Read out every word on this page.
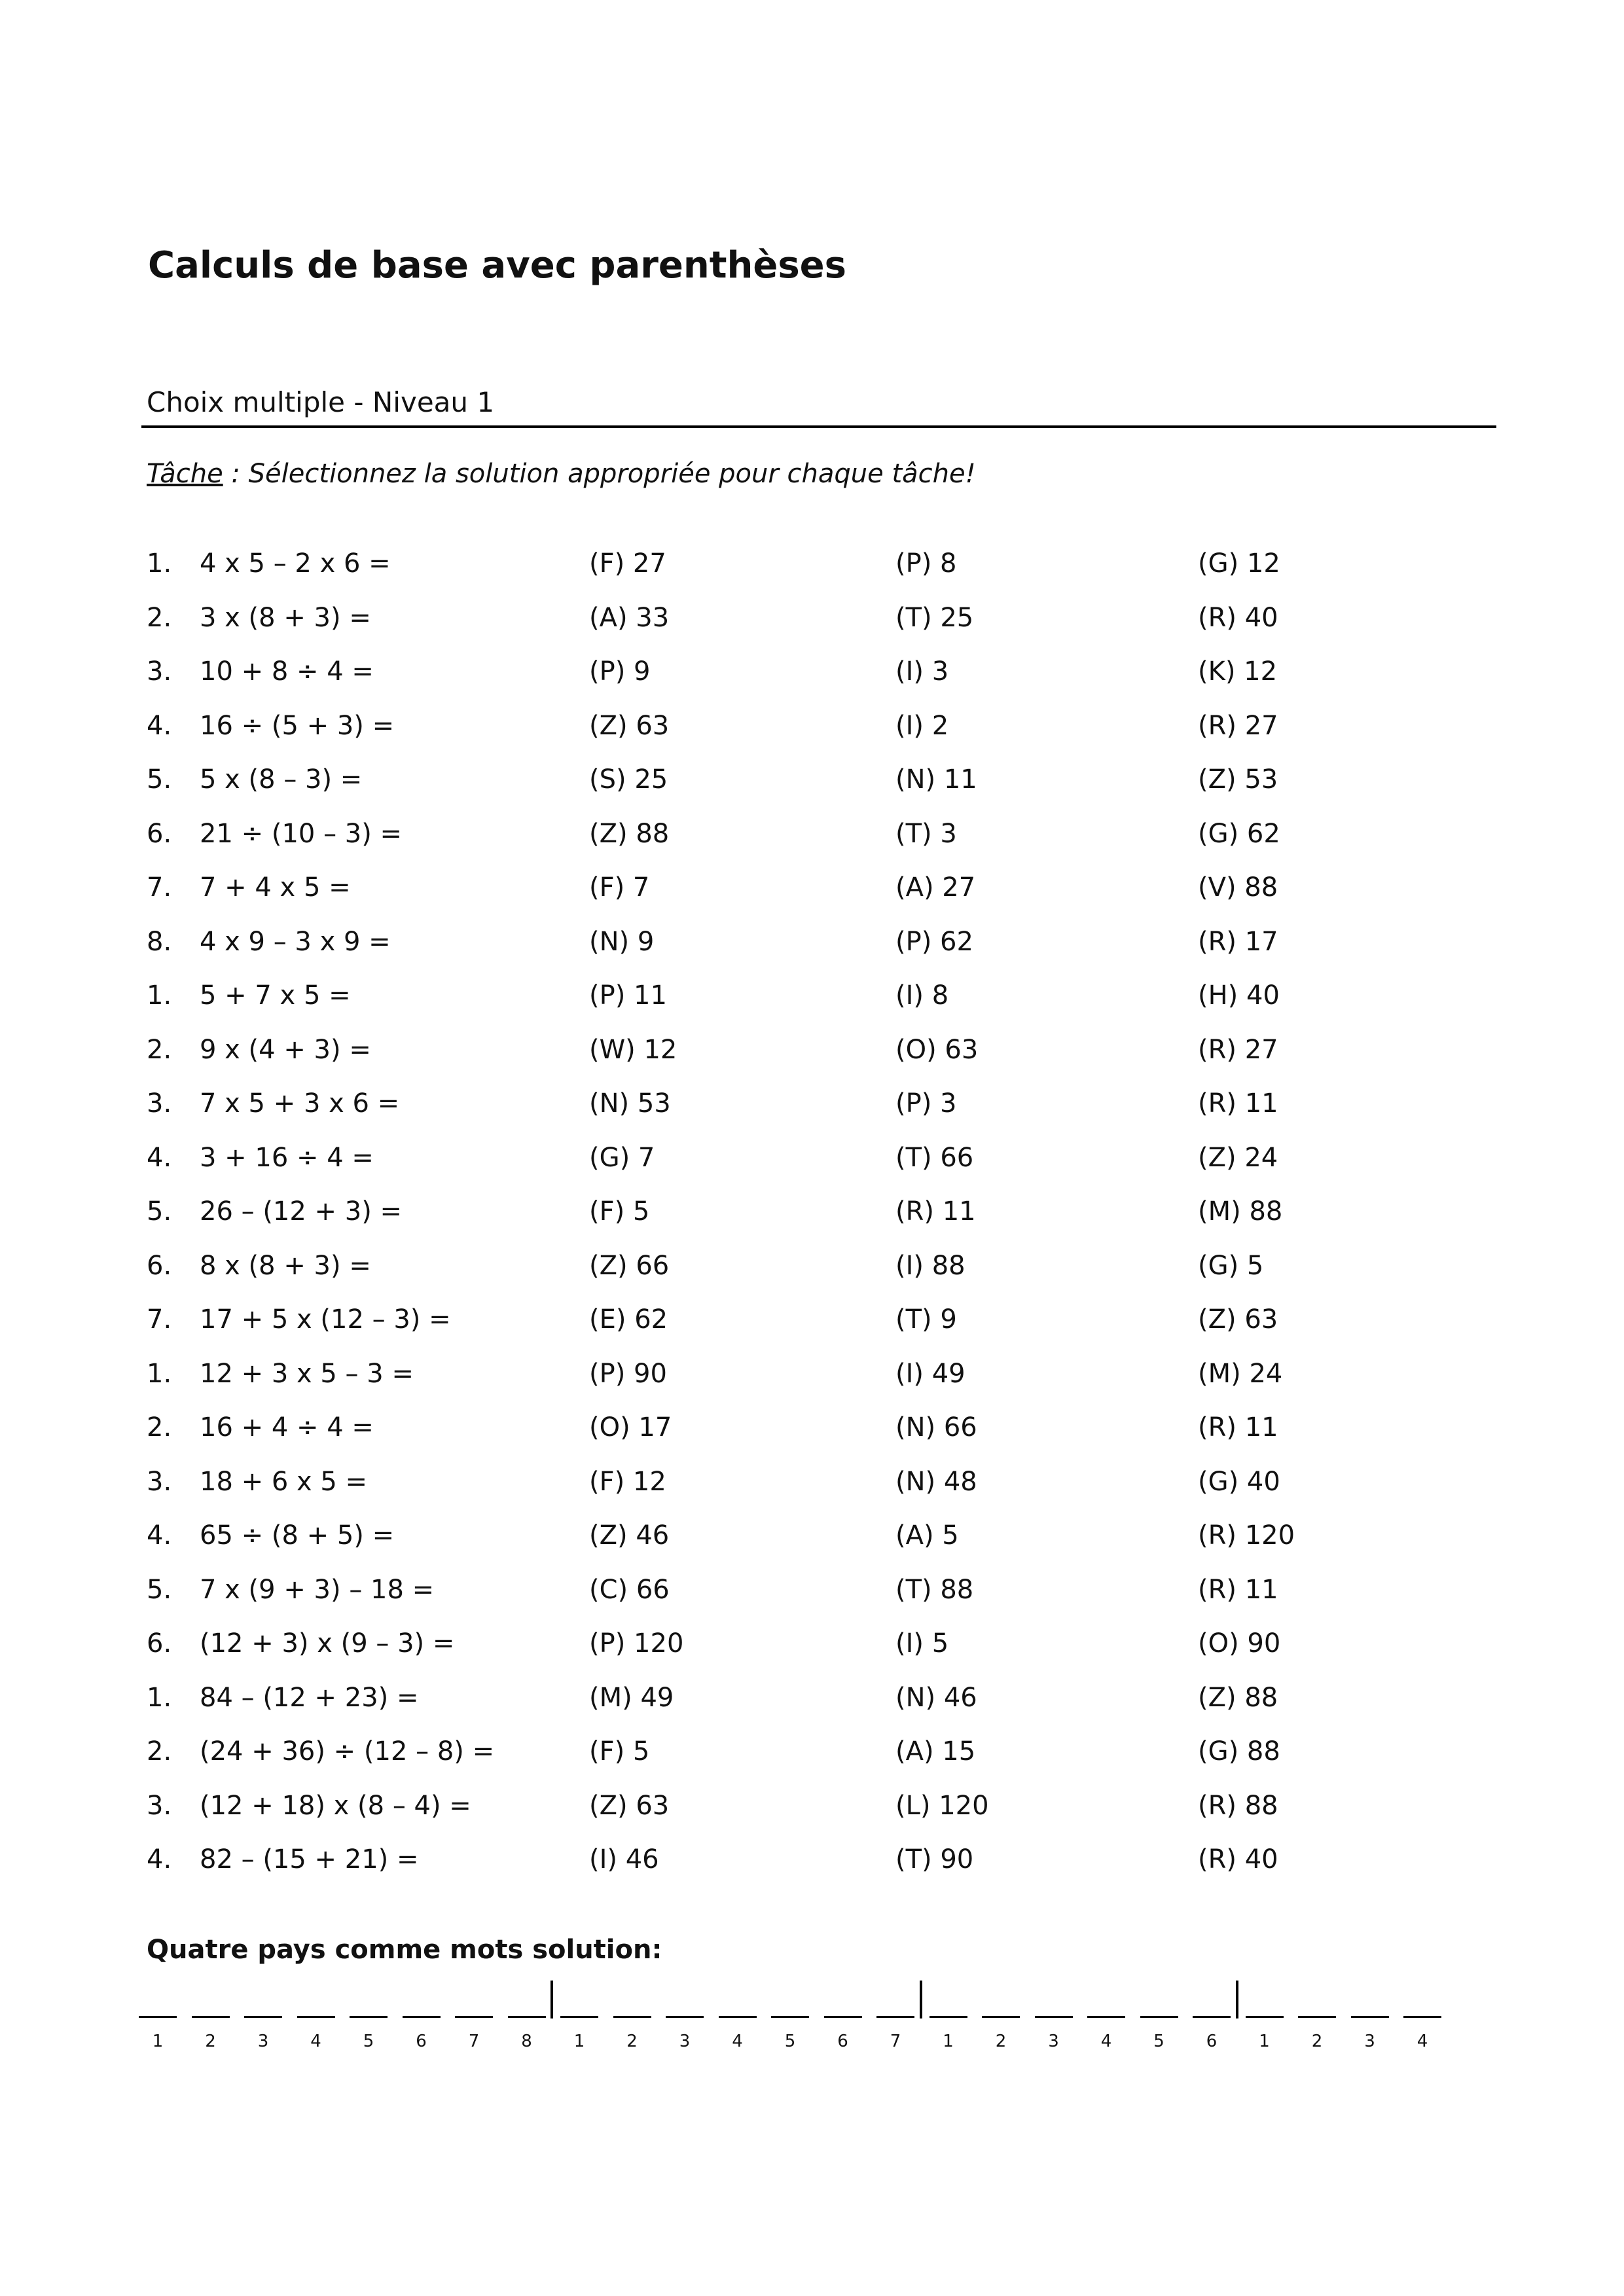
Calculs de base avec parenthèses
Choix multiple - Niveau 1
Tâche : Sélectionnez la solution appropriée pour chaque tâche!
1. 4 x 5 – 2 x 6 =	(F) 27	(P) 8	(G) 12
2. 3 x (8 + 3) =	(A) 33	(T) 25	(R) 40
3. 10 + 8 ÷ 4 =	(P) 9	(I) 3	(K) 12
4. 16 ÷ (5 + 3) =	(Z) 63	(I) 2	(R) 27
5. 5 x (8 – 3) =	(S) 25	(N) 11	(Z) 53
6. 21 ÷ (10 – 3) =	(Z) 88	(T) 3	(G) 62
7. 7 + 4 x 5 =	(F) 7	(A) 27	(V) 88
8. 4 x 9 – 3 x 9 =	(N) 9	(P) 62	(R) 17
1. 5 + 7 x 5 =	(P) 11	(I) 8	(H) 40
2. 9 x (4 + 3) =	(W) 12	(O) 63	(R) 27
3. 7 x 5 + 3 x 6 =	(N) 53	(P) 3	(R) 11
4. 3 + 16 ÷ 4 =	(G) 7	(T) 66	(Z) 24
5. 26 – (12 + 3) =	(F) 5	(R) 11	(M) 88
6. 8 x (8 + 3) =	(Z) 66	(I) 88	(G) 5
7. 17 + 5 x (12 – 3) =	(E) 62	(T) 9	(Z) 63
1. 12 + 3 x 5 – 3 =	(P) 90	(I) 49	(M) 24
2. 16 + 4 ÷ 4 =	(O) 17	(N) 66	(R) 11
3. 18 + 6 x 5 =	(F) 12	(N) 48	(G) 40
4. 65 ÷ (8 + 5) =	(Z) 46	(A) 5	(R) 120
5. 7 x (9 + 3) – 18 =	(C) 66	(T) 88	(R) 11
6. (12 + 3) x (9 – 3) =	(P) 120	(I) 5	(O) 90
1. 84 – (12 + 23) =	(M) 49	(N) 46	(Z) 88
2. (24 + 36) ÷ (12 – 8) =	(F) 5	(A) 15	(G) 88
3. (12 + 18) x (8 – 4) =	(Z) 63	(L) 120	(R) 88
4. 82 – (15 + 21) =	(I) 46	(T) 90	(R) 40
Quatre pays comme mots solution:
1	2	3	4	5	6	7	8	1	2	3	4	5	6	7	1	2	3	4	5	6	1	2	3	4
